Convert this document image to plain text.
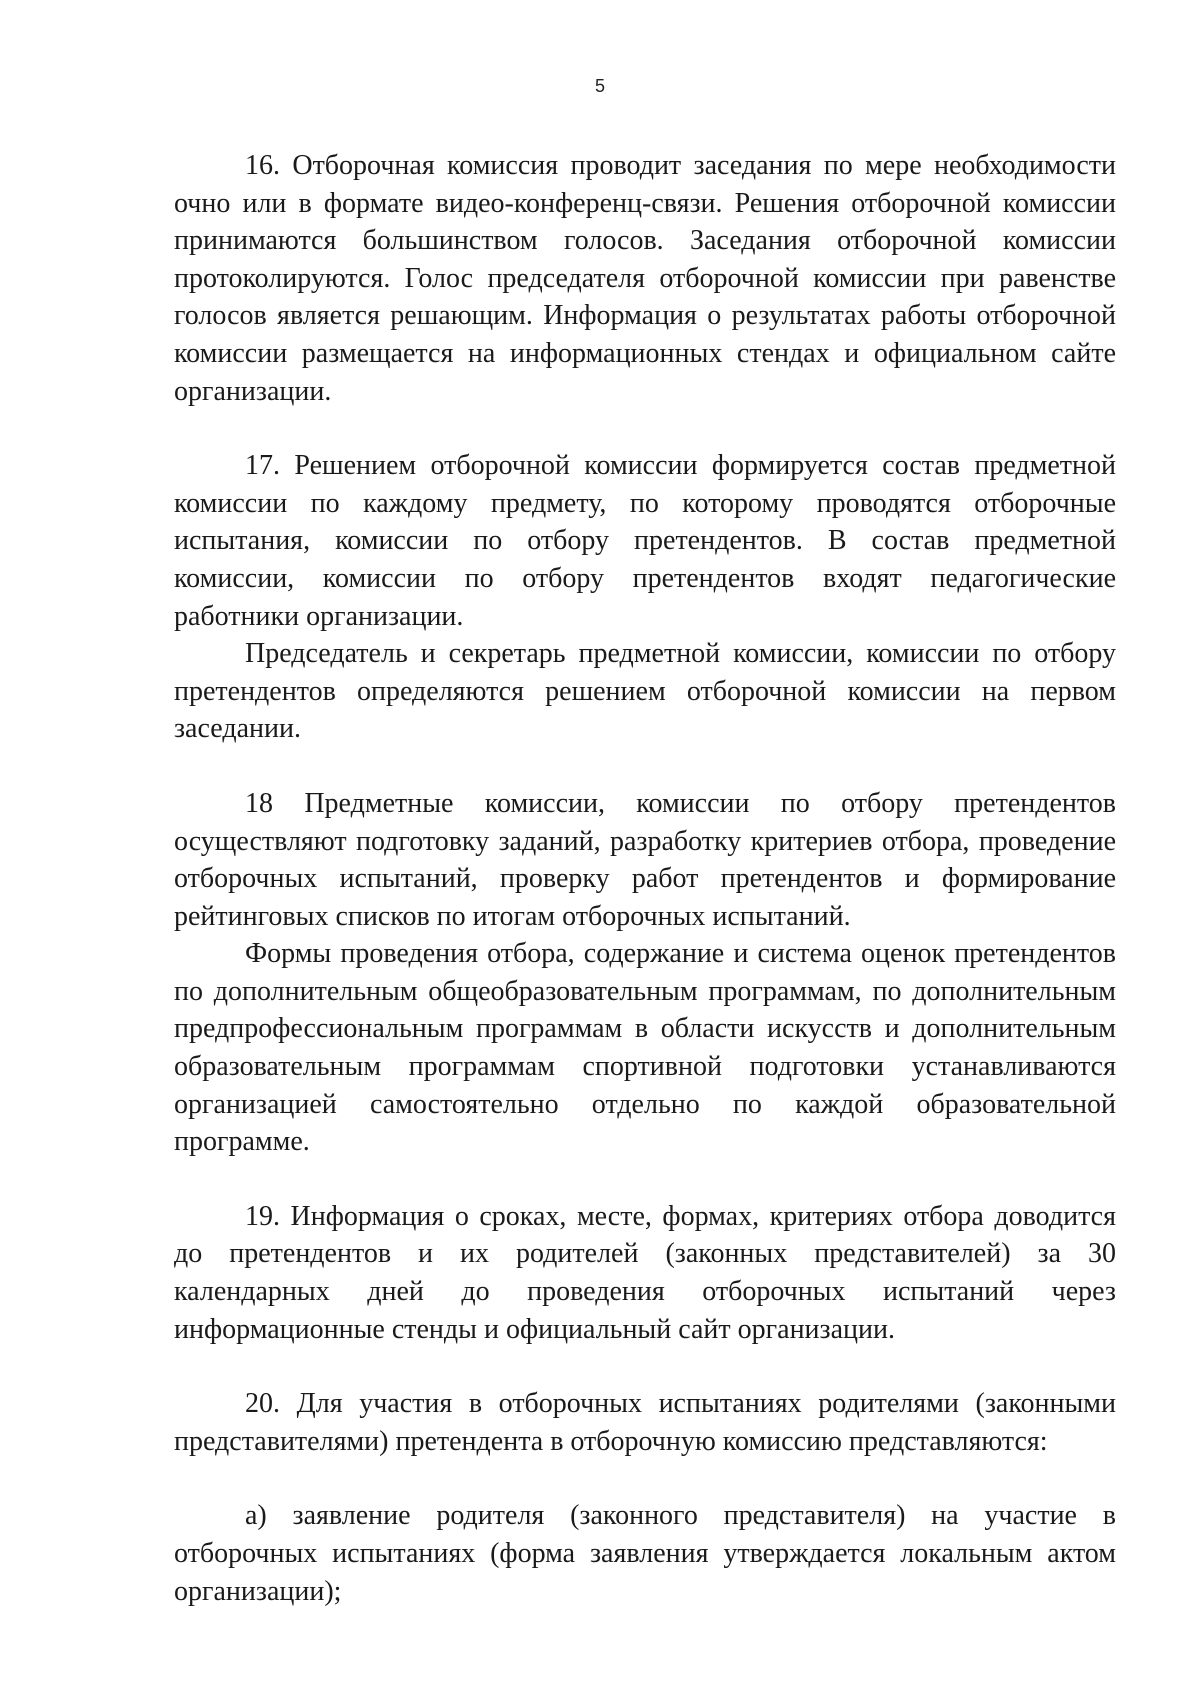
5

16. Отборочная комиссия проводит заседания по мере необходимости очно или в формате видео-конференц-связи. Решения отборочной комиссии принимаются большинством голосов. Заседания отборочной комиссии протоколируются. Голос председателя отборочной комиссии при равенстве голосов является решающим. Информация о результатах работы отборочной комиссии размещается на информационных стендах и официальном сайте организации.

17. Решением отборочной комиссии формируется состав предметной комиссии по каждому предмету, по которому проводятся отборочные испытания, комиссии по отбору претендентов. В состав предметной комиссии, комиссии по отбору претендентов входят педагогические работники организации.

Председатель и секретарь предметной комиссии, комиссии по отбору претендентов определяются решением отборочной комиссии на первом заседании.

18 Предметные комиссии, комиссии по отбору претендентов осуществляют подготовку заданий, разработку критериев отбора, проведение отборочных испытаний, проверку работ претендентов и формирование рейтинговых списков по итогам отборочных испытаний.

Формы проведения отбора, содержание и система оценок претендентов по дополнительным общеобразовательным программам, по дополнительным предпрофессиональным программам в области искусств и дополнительным образовательным программам спортивной подготовки устанавливаются организацией самостоятельно отдельно по каждой образовательной программе.

19. Информация о сроках, месте, формах, критериях отбора доводится до претендентов и их родителей (законных представителей) за 30 календарных дней до проведения отборочных испытаний через информационные стенды и официальный сайт организации.

20. Для участия в отборочных испытаниях родителями (законными представителями) претендента в отборочную комиссию представляются:

а) заявление родителя (законного представителя) на участие в отборочных испытаниях (форма заявления утверждается локальным актом организации);
